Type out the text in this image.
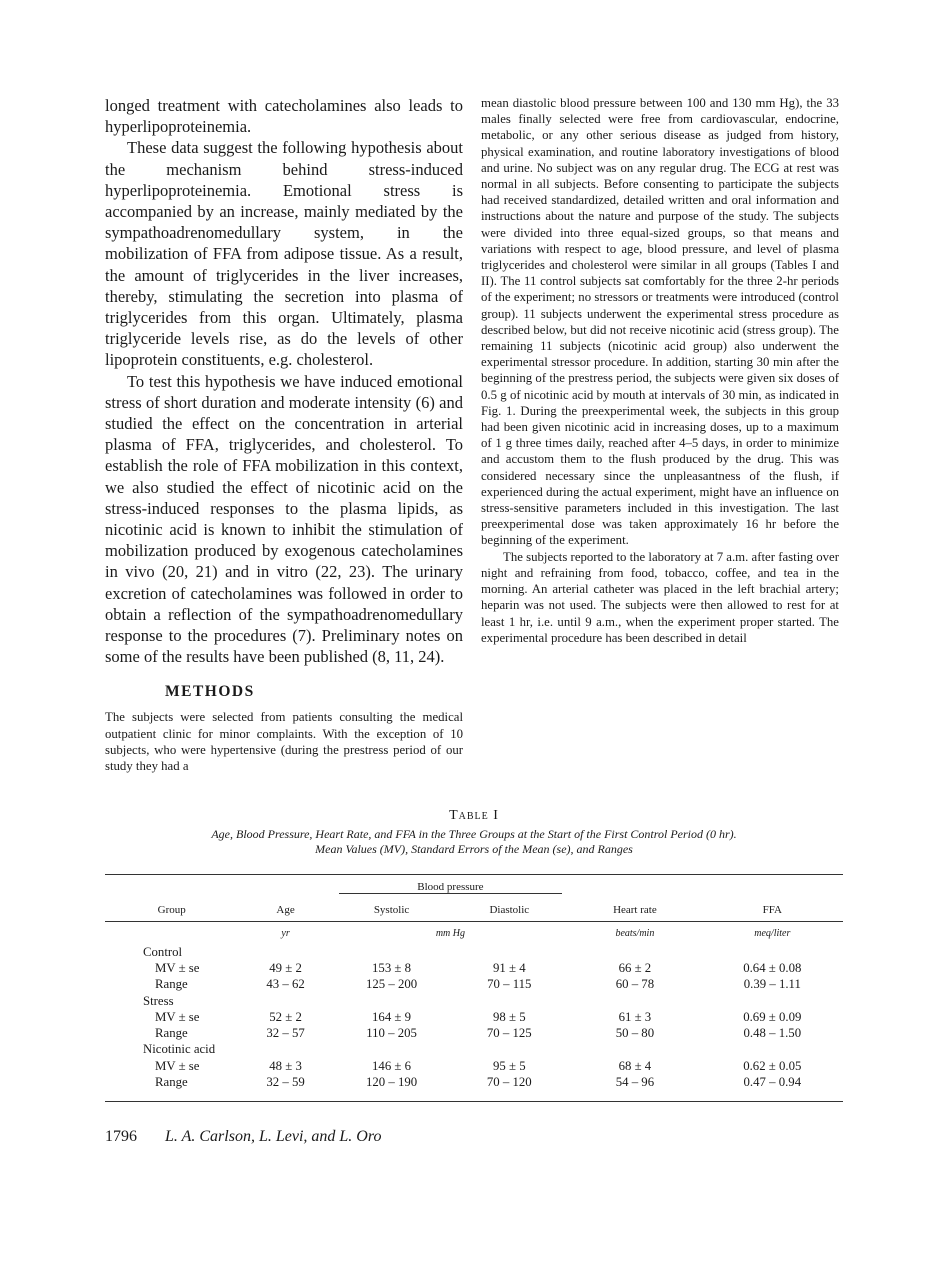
longed treatment with catecholamines also leads to hyperlipoproteinemia.

These data suggest the following hypothesis about the mechanism behind stress-induced hyperlipoproteinemia. Emotional stress is accompanied by an increase, mainly mediated by the sympathoadrenomedullary system, in the mobilization of FFA from adipose tissue. As a result, the amount of triglycerides in the liver increases, thereby, stimulating the secretion into plasma of triglycerides from this organ. Ultimately, plasma triglyceride levels rise, as do the levels of other lipoprotein constituents, e.g. cholesterol.

To test this hypothesis we have induced emotional stress of short duration and moderate intensity (6) and studied the effect on the concentration in arterial plasma of FFA, triglycerides, and cholesterol. To establish the role of FFA mobilization in this context, we also studied the effect of nicotinic acid on the stress-induced responses to the plasma lipids, as nicotinic acid is known to inhibit the stimulation of mobilization produced by exogenous catecholamines in vivo (20, 21) and in vitro (22, 23). The urinary excretion of catecholamines was followed in order to obtain a reflection of the sympathoadrenomedullary response to the procedures (7). Preliminary notes on some of the results have been published (8, 11, 24).

METHODS

The subjects were selected from patients consulting the medical outpatient clinic for minor complaints. With the exception of 10 subjects, who were hypertensive (during the prestress period of our study they had a

mean diastolic blood pressure between 100 and 130 mm Hg), the 33 males finally selected were free from cardiovascular, endocrine, metabolic, or any other serious disease as judged from history, physical examination, and routine laboratory investigations of blood and urine. No subject was on any regular drug. The ECG at rest was normal in all subjects. Before consenting to participate the subjects had received standardized, detailed written and oral information and instructions about the nature and purpose of the study. The subjects were divided into three equal-sized groups, so that means and variations with respect to age, blood pressure, and level of plasma triglycerides and cholesterol were similar in all groups (Tables I and II). The 11 control subjects sat comfortably for the three 2-hr periods of the experiment; no stressors or treatments were introduced (control group). 11 subjects underwent the experimental stress procedure as described below, but did not receive nicotinic acid (stress group). The remaining 11 subjects (nicotinic acid group) also underwent the experimental stressor procedure. In addition, starting 30 min after the beginning of the prestress period, the subjects were given six doses of 0.5 g of nicotinic acid by mouth at intervals of 30 min, as indicated in Fig. 1. During the preexperimental week, the subjects in this group had been given nicotinic acid in increasing doses, up to a maximum of 1 g three times daily, reached after 4–5 days, in order to minimize and accustom them to the flush produced by the drug. This was considered necessary since the unpleasantness of the flush, if experienced during the actual experiment, might have an influence on stress-sensitive parameters included in this investigation. The last preexperimental dose was taken approximately 16 hr before the beginning of the experiment.

The subjects reported to the laboratory at 7 a.m. after fasting over night and refraining from food, tobacco, coffee, and tea in the morning. An arterial catheter was placed in the left brachial artery; heparin was not used. The subjects were then allowed to rest for at least 1 hr, i.e. until 9 a.m., when the experiment proper started. The experimental procedure has been described in detail

Table I

Age, Blood Pressure, Heart Rate, and FFA in the Three Groups at the Start of the First Control Period (0 hr).

Mean Values (MV), Standard Errors of the Mean (se), and Ranges

		Blood pressure			

Group	Age	Systolic	Diastolic	Heart rate	FFA
	yr	mm Hg		beats/min	meq/liter
Control					
MV ± se	49 ± 2	153 ± 8	91 ± 4	66 ± 2	0.64 ± 0.08
Range	43 – 62	125 – 200	70 – 115	60 – 78	0.39 – 1.11
Stress					
MV ± se	52 ± 2	164 ± 9	98 ± 5	61 ± 3	0.69 ± 0.09
Range	32 – 57	110 – 205	70 – 125	50 – 80	0.48 – 1.50
Nicotinic acid					
MV ± se	48 ± 3	146 ± 6	95 ± 5	68 ± 4	0.62 ± 0.05
Range	32 – 59	120 – 190	70 – 120	54 – 96	0.47 – 0.94
1796 L. A. Carlson, L. Levi, and L. Oro
